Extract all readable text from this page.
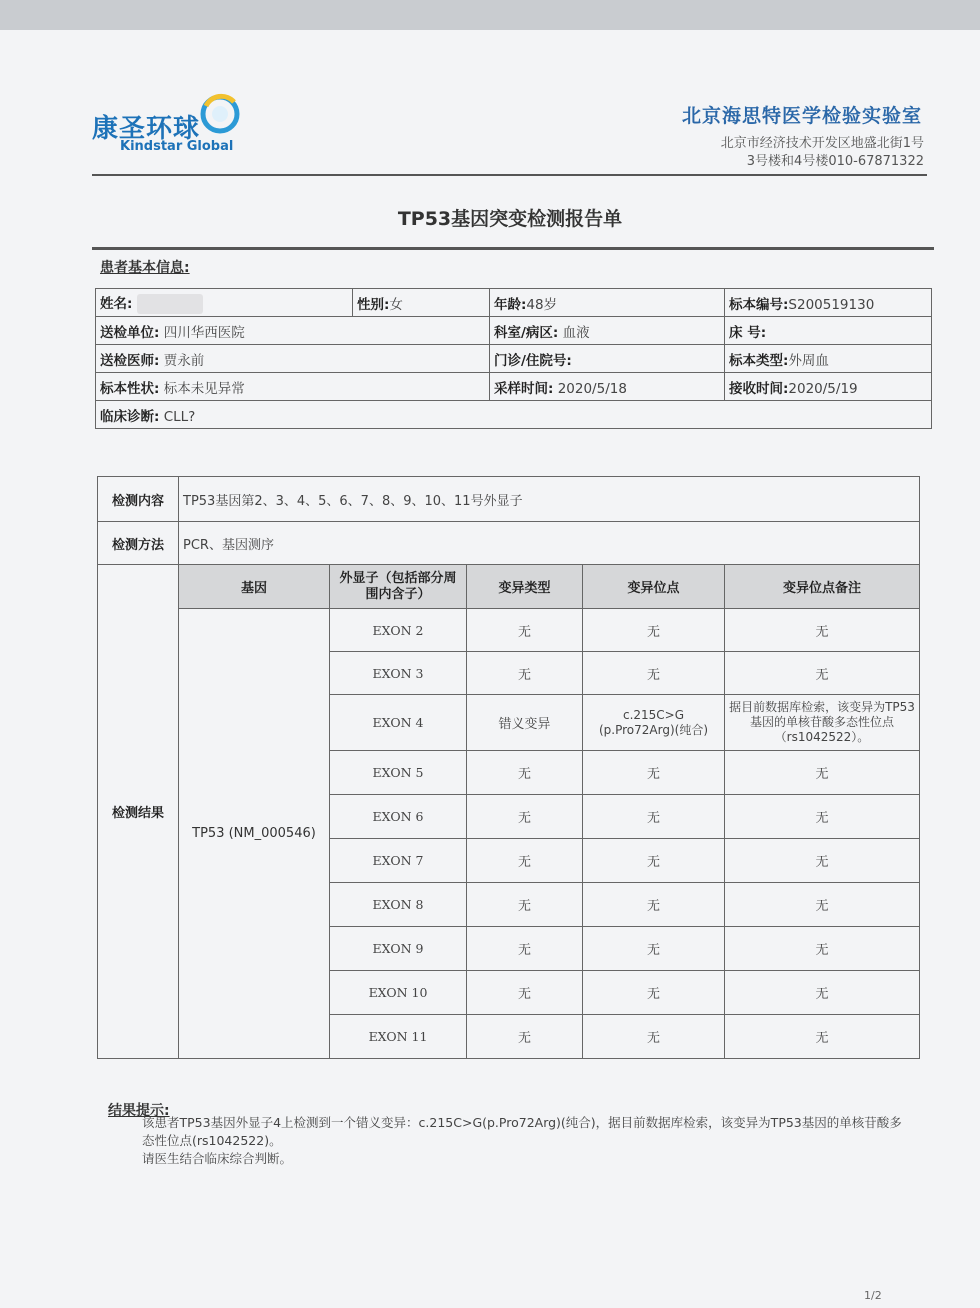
康圣环球
Kindstar Global
北京海思特医学检验实验室
北京市经济技术开发区地盛北街1号
3号楼和4号楼010-67871322
TP53基因突变检测报告单
患者基本信息:
姓名:	性别:女	年龄:48岁	标本编号:S200519130
送检单位: 四川华西医院		科室/病区: 血液	床 号:
送检医师: 贾永前		门诊/住院号:	标本类型:外周血
标本性状: 标本未见异常		采样时间: 2020/5/18	接收时间:2020/5/19
临床诊断: CLL?			
检测内容	TP53基因第2、3、4、5、6、7、8、9、10、11号外显子				
检测方法	PCR、基因测序				
检测结果	基因	外显子（包括部分周围内含子）	变异类型	变异位点	变异位点备注
	TP53 (NM_000546)	EXON 2	无	无	无
		EXON 3	无	无	无
		EXON 4	错义变异	c.215C>G (p.Pro72Arg)(纯合)	据目前数据库检索，该变异为TP53基因的单核苷酸多态性位点（rs1042522）。
		EXON 5	无	无	无
		EXON 6	无	无	无
		EXON 7	无	无	无
		EXON 8	无	无	无
		EXON 9	无	无	无
		EXON 10	无	无	无
		EXON 11	无	无	无
结果提示:
该患者TP53基因外显子4上检测到一个错义变异：c.215C>G(p.Pro72Arg)(纯合)，据目前数据库检索，该变异为TP53基因的单核苷酸多态性位点(rs1042522)。
请医生结合临床综合判断。
1/2
